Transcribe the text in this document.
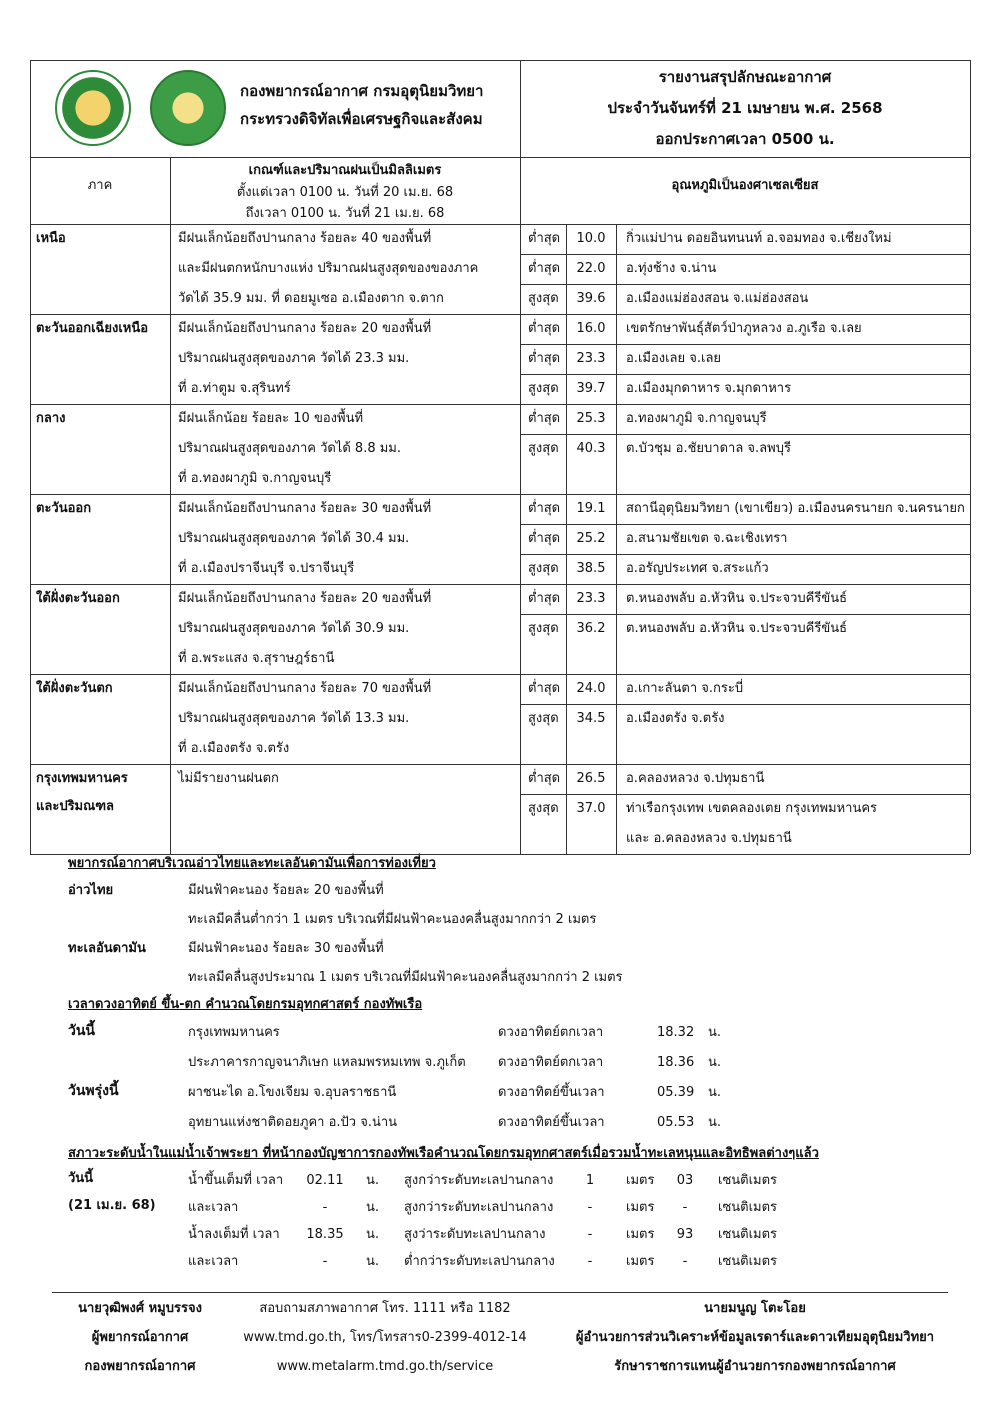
กองพยากรณ์อากาศ กรมอุตุนิยมวิทยา
กระทรวงดิจิทัลเพื่อเศรษฐกิจและสังคม
รายงานสรุปลักษณะอากาศ
ประจำวันจันทร์ที่ 21 เมษายน พ.ศ. 2568
ออกประกาศเวลา 0500 น.
ภาค
เกณฑ์และปริมาณฝนเป็นมิลลิเมตร
ตั้งแต่เวลา 0100 น. วันที่ 20 เม.ย. 68
ถึงเวลา 0100 น. วันที่ 21 เม.ย. 68
อุณหภูมิเป็นองศาเซลเซียส
เหนือ	มีฝนเล็กน้อยถึงปานกลาง ร้อยละ 40 ของพื้นที่
และมีฝนตกหนักบางแห่ง ปริมาณฝนสูงสุดของของภาค
วัดได้ 35.9 มม. ที่ ดอยมูเซอ อ.เมืองตาก จ.ตาก
ต่ำสุด	10.0	กิ่วแม่ปาน ดอยอินทนนท์ อ.จอมทอง จ.เชียงใหม่
ต่ำสุด	22.0	อ.ทุ่งช้าง จ.น่าน
สูงสุด	39.6	อ.เมืองแม่ฮ่องสอน จ.แม่ฮ่องสอน
ตะวันออกเฉียงเหนือ มีฝนเล็กน้อยถึงปานกลาง ร้อยละ 20 ของพื้นที่
ปริมาณฝนสูงสุดของภาค วัดได้ 23.3 มม.
ที่ อ.ท่าตูม จ.สุรินทร์
ต่ำสุด	16.0	เขตรักษาพันธุ์สัตว์ป่าภูหลวง อ.ภูเรือ จ.เลย
ต่ำสุด	23.3	อ.เมืองเลย จ.เลย
สูงสุด	39.7	อ.เมืองมุกดาหาร จ.มุกดาหาร
กลาง	มีฝนเล็กน้อย ร้อยละ 10 ของพื้นที่
ปริมาณฝนสูงสุดของภาค วัดได้ 8.8 มม.
ที่ อ.ทองผาภูมิ จ.กาญจนบุรี
ต่ำสุด	25.3	อ.ทองผาภูมิ จ.กาญจนบุรี
สูงสุด	40.3	ต.บัวชุม อ.ชัยบาดาล จ.ลพบุรี
ตะวันออก	มีฝนเล็กน้อยถึงปานกลาง ร้อยละ 30 ของพื้นที่
ปริมาณฝนสูงสุดของภาค วัดได้ 30.4 มม.
ที่ อ.เมืองปราจีนบุรี จ.ปราจีนบุรี
ต่ำสุด	19.1	สถานีอุตุนิยมวิทยา (เขาเขียว) อ.เมืองนครนายก จ.นครนายก
ต่ำสุด	25.2	อ.สนามชัยเขต จ.ฉะเชิงเทรา
สูงสุด	38.5	อ.อรัญประเทศ จ.สระแก้ว
ใต้ฝั่งตะวันออก	มีฝนเล็กน้อยถึงปานกลาง ร้อยละ 20 ของพื้นที่
ปริมาณฝนสูงสุดของภาค วัดได้ 30.9 มม.
ที่ อ.พระแสง จ.สุราษฎร์ธานี
ต่ำสุด	23.3	ต.หนองพลับ อ.หัวหิน จ.ประจวบคีรีขันธ์
สูงสุด	36.2	ต.หนองพลับ อ.หัวหิน จ.ประจวบคีรีขันธ์
ใต้ฝั่งตะวันตก	มีฝนเล็กน้อยถึงปานกลาง ร้อยละ 70 ของพื้นที่
ปริมาณฝนสูงสุดของภาค วัดได้ 13.3 มม.
ที่ อ.เมืองตรัง จ.ตรัง
ต่ำสุด	24.0	อ.เกาะลันตา จ.กระบี่
สูงสุด	34.5	อ.เมืองตรัง จ.ตรัง
กรุงเทพมหานคร
และปริมณฑล
ไม่มีรายงานฝนตก	ต่ำสุด	26.5	อ.คลองหลวง จ.ปทุมธานี
สูงสุด	37.0	ท่าเรือกรุงเทพ เขตคลองเตย กรุงเทพมหานคร
และ อ.คลองหลวง จ.ปทุมธานี
พยากรณ์อากาศบริเวณอ่าวไทยและทะเลอันดามันเพื่อการท่องเที่ยว
อ่าวไทย	มีฝนฟ้าคะนอง ร้อยละ 20 ของพื้นที่
ทะเลมีคลื่นต่ำกว่า 1 เมตร บริเวณที่มีฝนฟ้าคะนองคลื่นสูงมากกว่า 2 เมตร
ทะเลอันดามัน	มีฝนฟ้าคะนอง ร้อยละ 30 ของพื้นที่
ทะเลมีคลื่นสูงประมาณ 1 เมตร บริเวณที่มีฝนฟ้าคะนองคลื่นสูงมากกว่า 2 เมตร
เวลาดวงอาทิตย์ ขึ้น-ตก คำนวณโดยกรมอุทกศาสตร์ กองทัพเรือ
วันนี้	กรุงเทพมหานคร	ดวงอาทิตย์ตกเวลา	18.32 น.
ประภาคารกาญจนาภิเษก แหลมพรหมเทพ จ.ภูเก็ต ดวงอาทิตย์ตกเวลา	18.36 น.
วันพรุ่งนี้	ผาชนะได อ.โขงเจียม จ.อุบลราชธานี	ดวงอาทิตย์ขึ้นเวลา	05.39 น.
อุทยานแห่งชาติดอยภูคา อ.ปัว จ.น่าน	ดวงอาทิตย์ขึ้นเวลา	05.53 น.
สภาวะระดับน้ำในแม่น้ำเจ้าพระยา ที่หน้ากองบัญชาการกองทัพเรือคำนวณโดยกรมอุทกศาสตร์เมื่อรวมน้ำทะเลหนุนและอิทธิพลต่างๆแล้ว
วันนี้
(21 เม.ย. 68)
น้ำขึ้นเต็มที่ เวลา	02.11	น. สูงกว่าระดับทะเลปานกลาง	1	เมตร	03	เซนติเมตร
และเวลา	-	น. สูงกว่าระดับทะเลปานกลาง	-	เมตร	-	เซนติเมตร
น้ำลงเต็มที่ เวลา	18.35	น. สูงว่าระดับทะเลปานกลาง	-	เมตร	93	เซนติเมตร
และเวลา	-	น. ต่ำกว่าระดับทะเลปานกลาง	-	เมตร	-	เซนติเมตร
นายวุฒิพงศ์ หมูบรรจง
ผู้พยากรณ์อากาศ
กองพยากรณ์อากาศ
สอบถามสภาพอากาศ โทร. 1111 หรือ 1182
www.tmd.go.th, โทร/โทรสาร0-2399-4012-14
www.metalarm.tmd.go.th/service
นายมนูญ โตะโอย
ผู้อำนวยการส่วนวิเคราะห์ข้อมูลเรดาร์และดาวเทียมอุตุนิยมวิทยา
รักษาราชการแทนผู้อำนวยการกองพยากรณ์อากาศ
